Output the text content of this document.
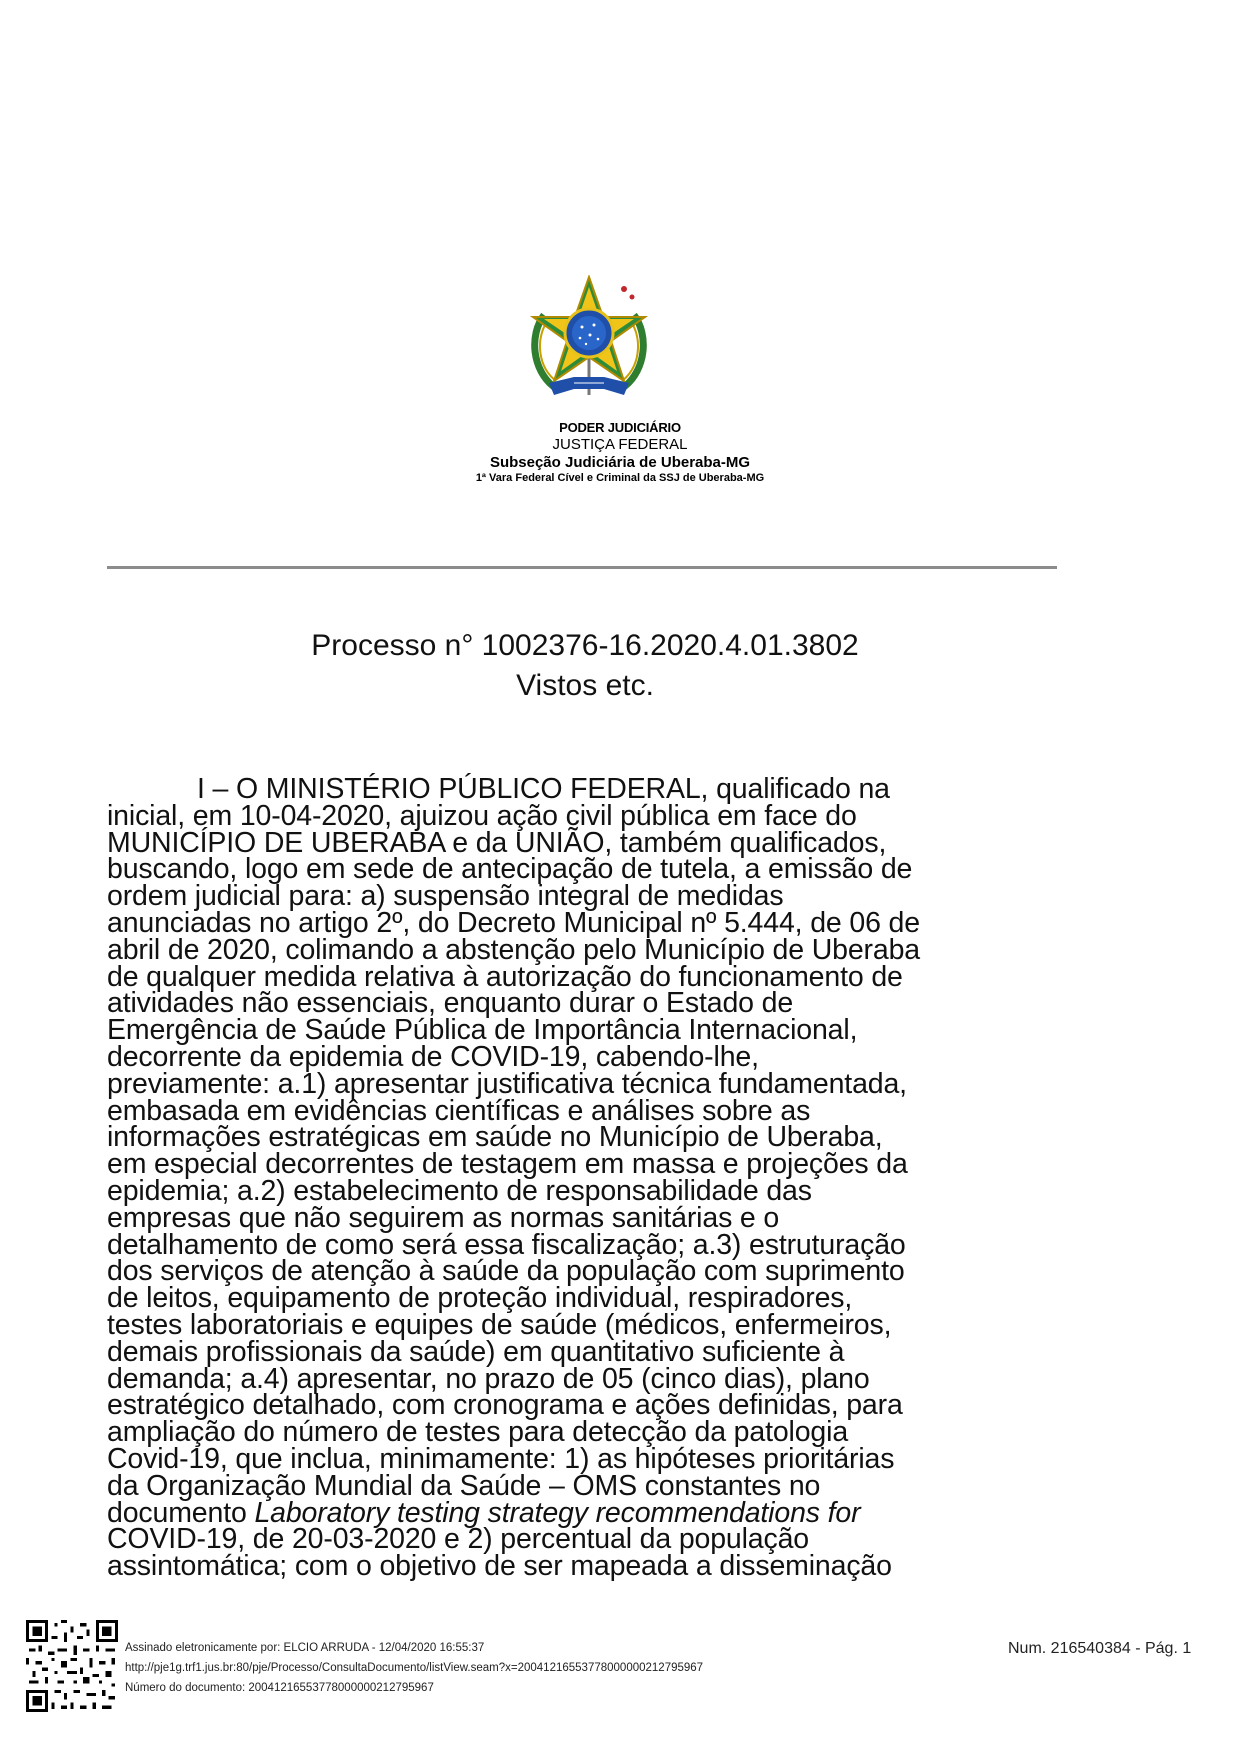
PODER JUDICIÁRIO
JUSTIÇA FEDERAL
Subseção Judiciária de Uberaba-MG
1ª Vara Federal Cível e Criminal da SSJ de Uberaba-MG
Processo n° 1002376-16.2020.4.01.3802
Vistos etc.
I – O MINISTÉRIO PÚBLICO FEDERAL, qualificado na
inicial, em 10-04-2020, ajuizou ação civil pública em face do
MUNICÍPIO DE UBERABA e da UNIÃO, também qualificados,
buscando, logo em sede de antecipação de tutela, a emissão de
ordem judicial para: a) suspensão integral de medidas
anunciadas no artigo 2º, do Decreto Municipal nº 5.444, de 06 de
abril de 2020, colimando a abstenção pelo Município de Uberaba
de qualquer medida relativa à autorização do funcionamento de
atividades não essenciais, enquanto durar o Estado de
Emergência de Saúde Pública de Importância Internacional,
decorrente da epidemia de COVID-19, cabendo-lhe,
previamente: a.1) apresentar justificativa técnica fundamentada,
embasada em evidências científicas e análises sobre as
informações estratégicas em saúde no Município de Uberaba,
em especial decorrentes de testagem em massa e projeções da
epidemia; a.2) estabelecimento de responsabilidade das
empresas que não seguirem as normas sanitárias e o
detalhamento de como será essa fiscalização; a.3) estruturação
dos serviços de atenção à saúde da população com suprimento
de leitos, equipamento de proteção individual, respiradores,
testes laboratoriais e equipes de saúde (médicos, enfermeiros,
demais profissionais da saúde) em quantitativo suficiente à
demanda; a.4) apresentar, no prazo de 05 (cinco dias), plano
estratégico detalhado, com cronograma e ações definidas, para
ampliação do número de testes para detecção da patologia
Covid-19, que inclua, minimamente: 1) as hipóteses prioritárias
da Organização Mundial da Saúde – OMS constantes no
documento Laboratory testing strategy recommendations for
COVID-19, de 20-03-2020 e 2) percentual da população
assintomática; com o objetivo de ser mapeada a disseminação
Assinado eletronicamente por: ELCIO ARRUDA - 12/04/2020 16:55:37
http://pje1g.trf1.jus.br:80/pje/Processo/ConsultaDocumento/listView.seam?x=20041216553778000000212795967
Número do documento: 20041216553778000000212795967
Num. 216540384 - Pág. 1
